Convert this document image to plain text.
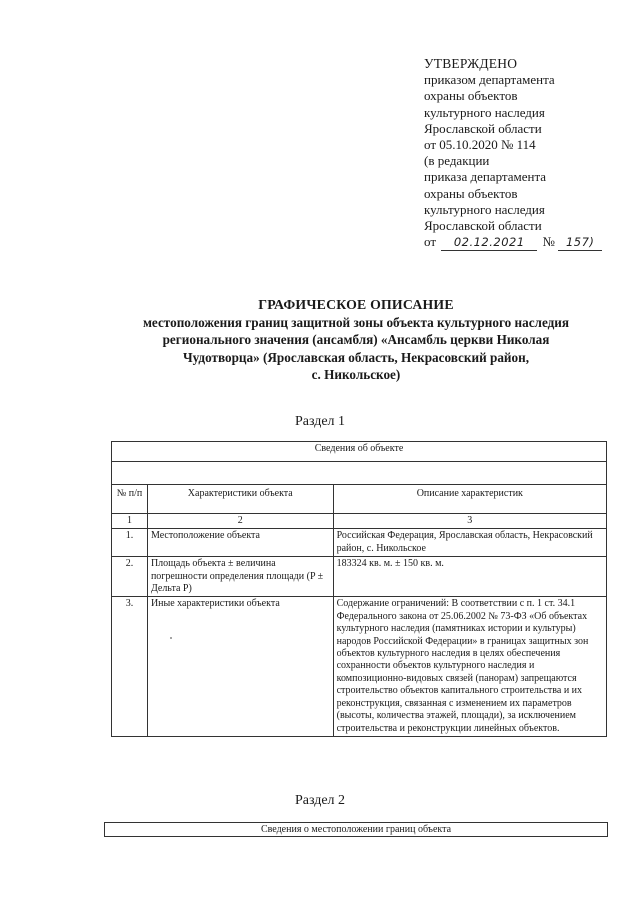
УТВЕРЖДЕНО
приказом департамента
охраны объектов
культурного наследия
Ярославской области
от 05.10.2020 № 114
(в редакции
приказа департамента
охраны объектов
культурного наследия
Ярославской области
от 02.12.2021 № 157)
ГРАФИЧЕСКОЕ ОПИСАНИЕ
местоположения границ защитной зоны объекта культурного наследия
регионального значения (ансамбля) «Ансамбль церкви Николая
Чудотворца» (Ярославская область, Некрасовский район,
с. Никольское)
Раздел 1
Сведения об объекте		

№ п/п	Характеристики объекта	Описание характеристик
1	2	3
1.	Местоположение объекта	Российская Федерация, Ярославская область, Некрасовский район, с. Никольское
2.	Площадь объекта ± величина погрешности определения площади (P ± Дельта P)	183324 кв. м. ± 150 кв. м.
3.	Иные характеристики объекта	Содержание ограничений: В соответствии с п. 1 ст. 34.1 Федерального закона от 25.06.2002 № 73-ФЗ «Об объектах культурного наследия (памятниках истории и культуры) народов Российской Федерации» в границах защитных зон объектов культурного наследия в целях обеспечения сохранности объектов культурного наследия и композиционно-видовых связей (панорам) запрещаются строительство объектов капитального строительства и их реконструкция, связанная с изменением их параметров (высоты, количества этажей, площади), за исключением строительства и реконструкции линейных объектов.
Раздел 2
Сведения о местоположении границ объекта
